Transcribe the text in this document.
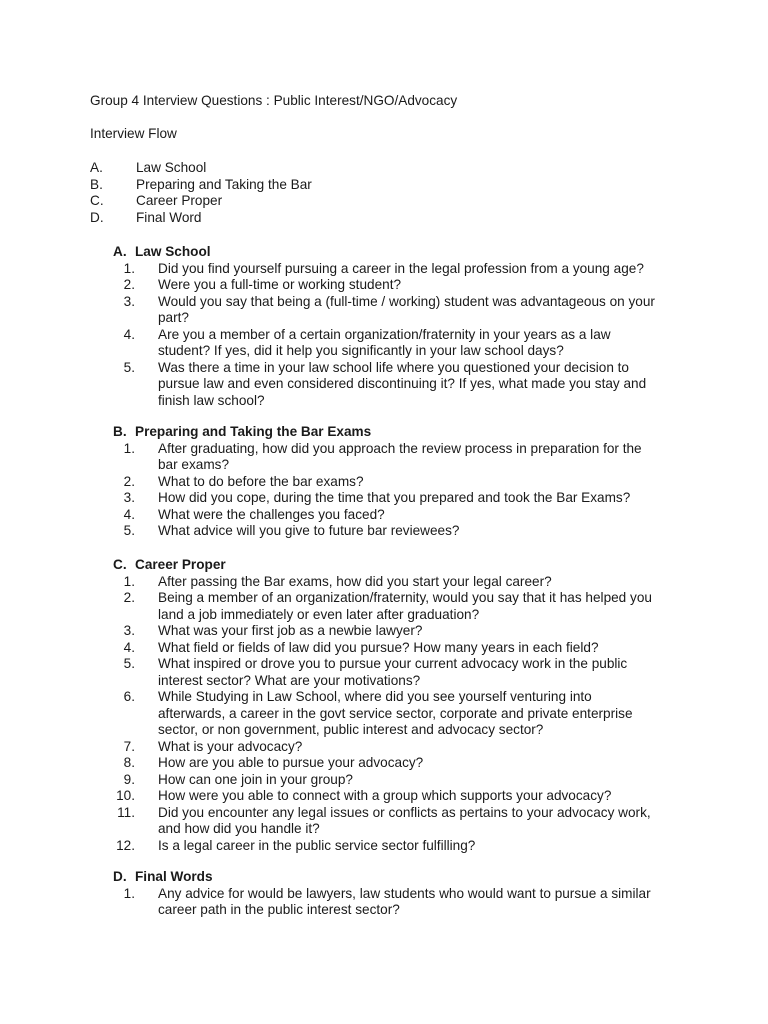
Group 4 Interview Questions : Public Interest/NGO/Advocacy
Interview Flow
A.	Law School
B.	Preparing and Taking the Bar
C.	Career Proper
D.	Final Word
A. Law School
1.	Did you find yourself pursuing a career in the legal profession from a young age?
2.	Were you a full-time or working student?
3.	Would you say that being a (full-time / working) student was advantageous on your part?
4.	Are you a member of a certain organization/fraternity in your years as a law student? If yes, did it help you significantly in your law school days?
5.	Was there a time in your law school life where you questioned your decision to pursue law and even considered discontinuing it? If yes, what made you stay and finish law school?
B. Preparing and Taking the Bar Exams
1.	After graduating, how did you approach the review process in preparation for the bar exams?
2.	What to do before the bar exams?
3.	How did you cope, during the time that you prepared and took the Bar Exams?
4.	What were the challenges you faced?
5.	What advice will you give to future bar reviewees?
C. Career Proper
1.	After passing the Bar exams, how did you start your legal career?
2.	Being a member of an organization/fraternity, would you say that it has helped you land a job immediately or even later after graduation?
3.	What was your first job as a newbie lawyer?
4.	What field or fields of law did you pursue? How many years in each field?
5.	What inspired or drove you to pursue your current advocacy work in the public interest sector? What are your motivations?
6.	While Studying in Law School, where did you see yourself venturing into afterwards, a career in the govt service sector, corporate and private enterprise sector, or non government, public interest and advocacy sector?
7.	What is your advocacy?
8.	How are you able to pursue your advocacy?
9.	How can one join in your group?
10.	How were you able to connect with a group which supports your advocacy?
11.	Did you encounter any legal issues or conflicts as pertains to your advocacy work, and how did you handle it?
12.	Is a legal career in the public service sector fulfilling?
D. Final Words
1.	Any advice for would be lawyers, law students who would want to pursue a similar career path in the public interest sector?
